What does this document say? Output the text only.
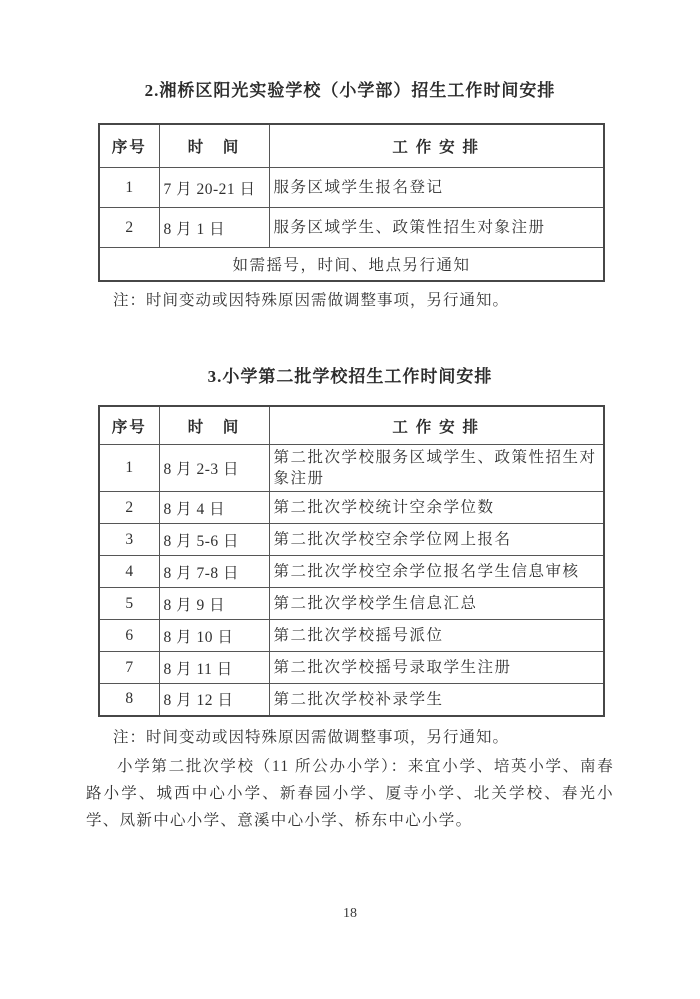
2.湘桥区阳光实验学校（小学部）招生工作时间安排
序号	时　间	工 作 安 排
1	7 月 20-21 日	服务区域学生报名登记
2	8 月 1 日	服务区域学生、政策性招生对象注册
如需摇号，时间、地点另行通知		

注：时间变动或因特殊原因需做调整事项，另行通知。

3.小学第二批学校招生工作时间安排
序号	时　间	工 作 安 排
1	8 月 2-3 日	第二批次学校服务区域学生、政策性招生对象注册
2	8 月 4 日	第二批次学校统计空余学位数
3	8 月 5-6 日	第二批次学校空余学位网上报名
4	8 月 7-8 日	第二批次学校空余学位报名学生信息审核
5	8 月 9 日	第二批次学校学生信息汇总
6	8 月 10 日	第二批次学校摇号派位
7	8 月 11 日	第二批次学校摇号录取学生注册
8	8 月 12 日	第二批次学校补录学生

注：时间变动或因特殊原因需做调整事项，另行通知。

小学第二批次学校（11 所公办小学）：来宜小学、培英小学、南春路小学、城西中心小学、新春园小学、厦寺小学、北关学校、春光小学、凤新中心小学、意溪中心小学、桥东中心小学。

18
